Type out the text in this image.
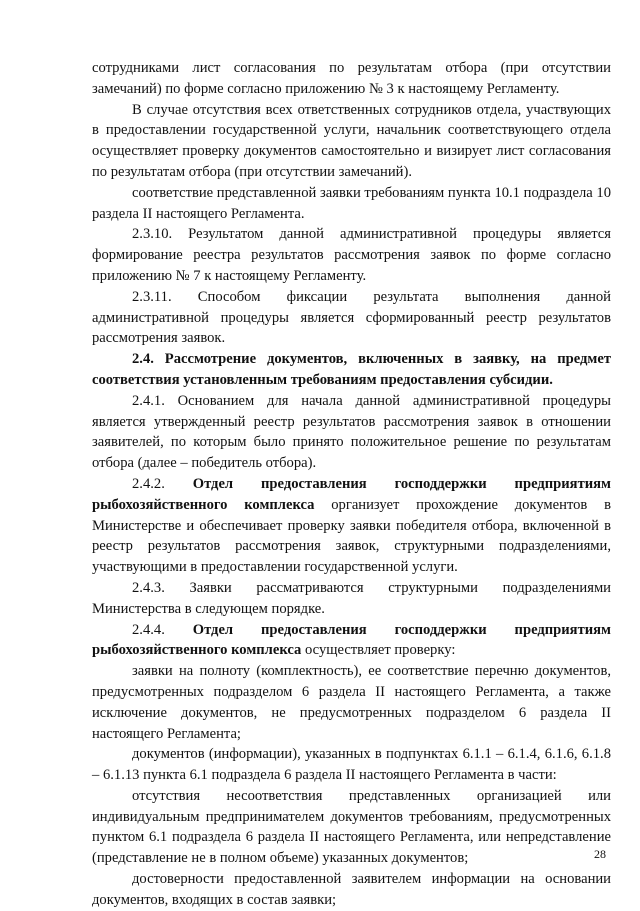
сотрудниками лист согласования по результатам отбора (при отсутствии замечаний) по форме согласно приложению № 3 к настоящему Регламенту.

В случае отсутствия всех ответственных сотрудников отдела, участвующих в предоставлении государственной услуги, начальник соответствующего отдела осуществляет проверку документов самостоятельно и визирует лист согласования по результатам отбора (при отсутствии замечаний).

соответствие представленной заявки требованиям пункта 10.1 подраздела 10 раздела II настоящего Регламента.

2.3.10. Результатом данной административной процедуры является формирование реестра результатов рассмотрения заявок по форме согласно приложению № 7 к настоящему Регламенту.

2.3.11. Способом фиксации результата выполнения данной административной процедуры является сформированный реестр результатов рассмотрения заявок.

2.4. Рассмотрение документов, включенных в заявку, на предмет соответствия установленным требованиям предоставления субсидии.

2.4.1. Основанием для начала данной административной процедуры является утвержденный реестр результатов рассмотрения заявок в отношении заявителей, по которым было принято положительное решение по результатам отбора (далее – победитель отбора).

2.4.2. Отдел предоставления господдержки предприятиям рыбохозяйственного комплекса организует прохождение документов в Министерстве и обеспечивает проверку заявки победителя отбора, включенной в реестр результатов рассмотрения заявок, структурными подразделениями, участвующими в предоставлении государственной услуги.

2.4.3. Заявки рассматриваются структурными подразделениями Министерства в следующем порядке.

2.4.4. Отдел предоставления господдержки предприятиям рыбохозяйственного комплекса осуществляет проверку:

заявки на полноту (комплектность), ее соответствие перечню документов, предусмотренных подразделом 6 раздела II настоящего Регламента, а также исключение документов, не предусмотренных подразделом 6 раздела II настоящего Регламента;

документов (информации), указанных в подпунктах 6.1.1 – 6.1.4, 6.1.6, 6.1.8 – 6.1.13 пункта 6.1 подраздела 6 раздела II настоящего Регламента в части:

отсутствия несоответствия представленных организацией или индивидуальным предпринимателем документов требованиям, предусмотренных пунктом 6.1 подраздела 6 раздела II настоящего Регламента, или непредставление (представление не в полном объеме) указанных документов;

достоверности предоставленной заявителем информации на основании документов, входящих в состав заявки;

28
